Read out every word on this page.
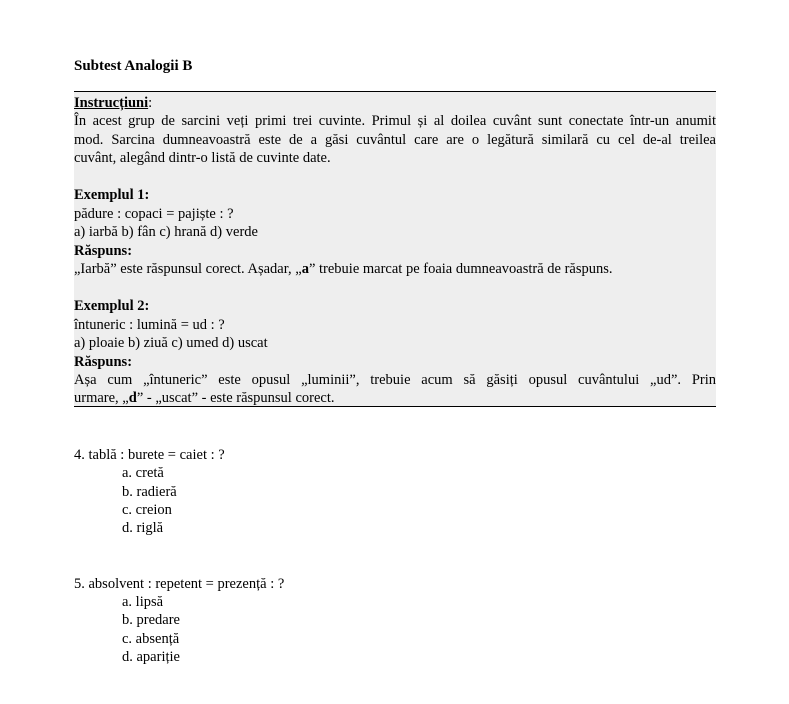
Subtest Analogii B
Instrucțiuni:
În acest grup de sarcini veți primi trei cuvinte. Primul și al doilea cuvânt sunt conectate într-un anumit
mod. Sarcina dumneavoastră este de a găsi cuvântul care are o legătură similară cu cel de-al treilea
cuvânt, alegând dintr-o listă de cuvinte date.
Exemplul 1:
pădure : copaci = pajiște : ?
a) iarbă b) fân c) hrană d) verde
Răspuns:
„Iarbă” este răspunsul corect. Așadar, „a” trebuie marcat pe foaia dumneavoastră de răspuns.
Exemplul 2:
întuneric : lumină = ud : ?
a) ploaie b) ziuă c) umed d) uscat
Răspuns:
Așa cum „întuneric” este opusul „luminii”, trebuie acum să găsiți opusul cuvântului „ud”. Prin
urmare, „d” - „uscat” - este răspunsul corect.
4. tablă : burete = caiet : ?
a. cretă
b. radieră
c. creion
d. riglă
5. absolvent : repetent = prezență : ?
a. lipsă
b. predare
c. absență
d. apariție
